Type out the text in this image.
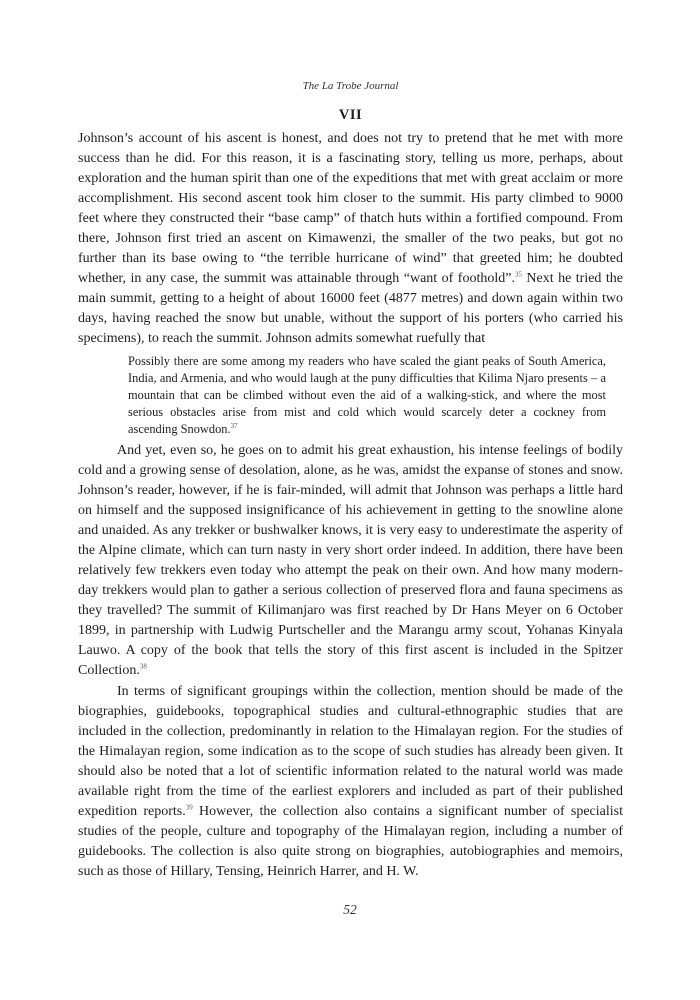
The La Trobe Journal

VII

Johnson’s account of his ascent is honest, and does not try to pretend that he met with more success than he did. For this reason, it is a fascinating story, telling us more, perhaps, about exploration and the human spirit than one of the expeditions that met with great acclaim or more accomplishment. His second ascent took him closer to the summit. His party climbed to 9000 feet where they constructed their “base camp” of thatch huts within a fortified compound. From there, Johnson first tried an ascent on Kimawenzi, the smaller of the two peaks, but got no further than its base owing to “the terrible hurricane of wind” that greeted him; he doubted whether, in any case, the summit was attainable through “want of foothold”.$^{35}$ Next he tried the main summit, getting to a height of about 16000 feet (4877 metres) and down again within two days, having reached the snow but unable, without the support of his porters (who carried his specimens), to reach the summit. Johnson admits somewhat ruefully that

Possibly there are some among my readers who have scaled the giant peaks of South America, India, and Armenia, and who would laugh at the puny difficulties that Kilima Njaro presents – a mountain that can be climbed without even the aid of a walking-stick, and where the most serious obstacles arise from mist and cold which would scarcely deter a cockney from ascending Snowdon.$^{37}$

And yet, even so, he goes on to admit his great exhaustion, his intense feelings of bodily cold and a growing sense of desolation, alone, as he was, amidst the expanse of stones and snow. Johnson’s reader, however, if he is fair-minded, will admit that Johnson was perhaps a little hard on himself and the supposed insignificance of his achievement in getting to the snowline alone and unaided. As any trekker or bushwalker knows, it is very easy to underestimate the asperity of the Alpine climate, which can turn nasty in very short order indeed. In addition, there have been relatively few trekkers even today who attempt the peak on their own. And how many modern-day trekkers would plan to gather a serious collection of preserved flora and fauna specimens as they travelled? The summit of Kilimanjaro was first reached by Dr Hans Meyer on 6 October 1899, in partnership with Ludwig Purtscheller and the Marangu army scout, Yohanas Kinyala Lauwo. A copy of the book that tells the story of this first ascent is included in the Spitzer Collection.$^{38}$

In terms of significant groupings within the collection, mention should be made of the biographies, guidebooks, topographical studies and cultural-ethnographic studies that are included in the collection, predominantly in relation to the Himalayan region. For the studies of the Himalayan region, some indication as to the scope of such studies has already been given. It should also be noted that a lot of scientific information related to the natural world was made available right from the time of the earliest explorers and included as part of their published expedition reports.$^{39}$ However, the collection also contains a significant number of specialist studies of the people, culture and topography of the Himalayan region, including a number of guidebooks. The collection is also quite strong on biographies, autobiographies and memoirs, such as those of Hillary, Tensing, Heinrich Harrer, and H. W.

52
